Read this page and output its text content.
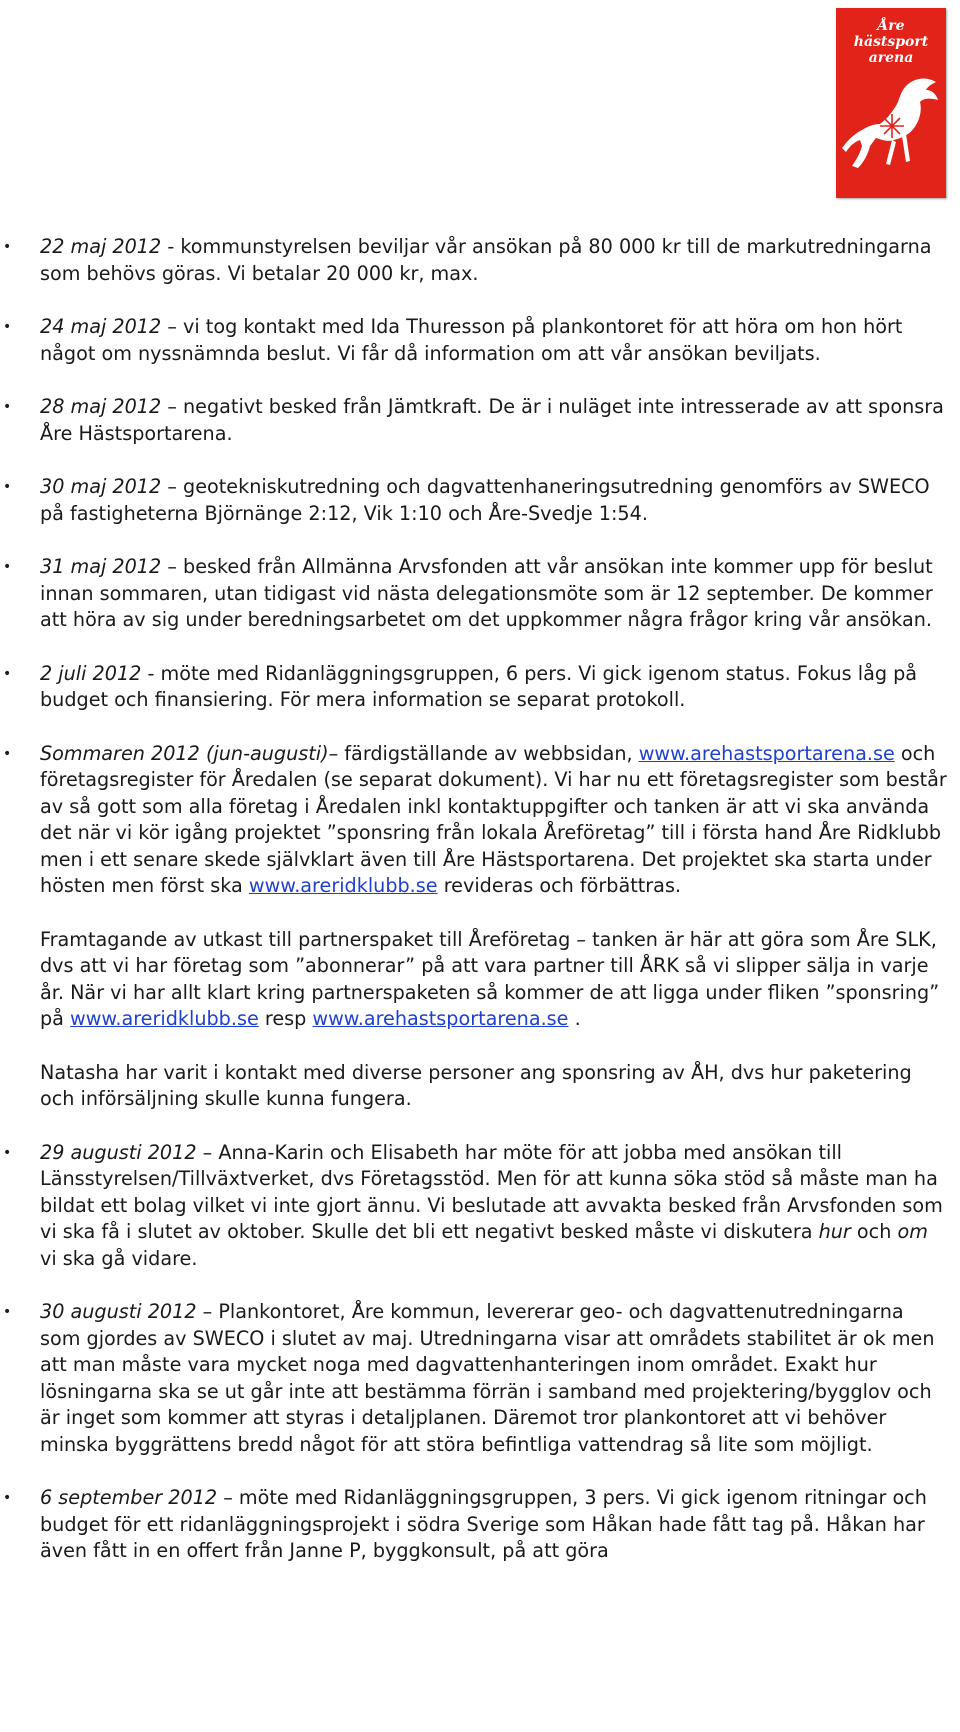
Åre
hästsport
arena
• 22 maj 2012 - kommunstyrelsen beviljar vår ansökan på 80 000 kr till de markutredningarna som behövs göras. Vi betalar 20 000 kr, max.
• 24 maj 2012 – vi tog kontakt med Ida Thuresson på plankontoret för att höra om hon hört något om nyssnämnda beslut. Vi får då information om att vår ansökan beviljats.
• 28 maj 2012 – negativt besked från Jämtkraft. De är i nuläget inte intresserade av att sponsra Åre Hästsportarena.
• 30 maj 2012 – geotekniskutredning och dagvattenhaneringsutredning genomförs av SWECO på fastigheterna Björnänge 2:12, Vik 1:10 och Åre-Svedje 1:54.
• 31 maj 2012 – besked från Allmänna Arvsfonden att vår ansökan inte kommer upp för beslut innan sommaren, utan tidigast vid nästa delegationsmöte som är 12 september. De kommer att höra av sig under beredningsarbetet om det uppkommer några frågor kring vår ansökan.
• 2 juli 2012 - möte med Ridanläggningsgruppen, 6 pers. Vi gick igenom status. Fokus låg på budget och finansiering. För mera information se separat protokoll.
• Sommaren 2012 (jun-augusti)– färdigställande av webbsidan, www.arehastsportarena.se och företagsregister för Åredalen (se separat dokument). Vi har nu ett företagsregister som består av så gott som alla företag i Åredalen inkl kontaktuppgifter och tanken är att vi ska använda det när vi kör igång projektet ”sponsring från lokala Åreföretag” till i första hand Åre Ridklubb men i ett senare skede självklart även till Åre Hästsportarena. Det projektet ska starta under hösten men först ska www.areridklubb.se revideras och förbättras.
Framtagande av utkast till partnerspaket till Åreföretag – tanken är här att göra som Åre SLK, dvs att vi har företag som ”abonnerar” på att vara partner till ÅRK så vi slipper sälja in varje år. När vi har allt klart kring partnerspaketen så kommer de att ligga under fliken ”sponsring” på www.areridklubb.se resp www.arehastsportarena.se .
Natasha har varit i kontakt med diverse personer ang sponsring av ÅH, dvs hur paketering och införsäljning skulle kunna fungera.
• 29 augusti 2012 – Anna-Karin och Elisabeth har möte för att jobba med ansökan till Länsstyrelsen/Tillväxtverket, dvs Företagsstöd. Men för att kunna söka stöd så måste man ha bildat ett bolag vilket vi inte gjort ännu. Vi beslutade att avvakta besked från Arvsfonden som vi ska få i slutet av oktober. Skulle det bli ett negativt besked måste vi diskutera hur och om vi ska gå vidare.
• 30 augusti 2012 – Plankontoret, Åre kommun, levererar geo- och dagvattenutredningarna som gjordes av SWECO i slutet av maj. Utredningarna visar att områdets stabilitet är ok men att man måste vara mycket noga med dagvattenhanteringen inom området. Exakt hur lösningarna ska se ut går inte att bestämma förrän i samband med projektering/bygglov och är inget som kommer att styras i detaljplanen. Däremot tror plankontoret att vi behöver minska byggrättens bredd något för att störa befintliga vattendrag så lite som möjligt.
• 6 september 2012 – möte med Ridanläggningsgruppen, 3 pers. Vi gick igenom ritningar och budget för ett ridanläggningsprojekt i södra Sverige som Håkan hade fått tag på. Håkan har även fått in en offert från Janne P, byggkonsult, på att göra
